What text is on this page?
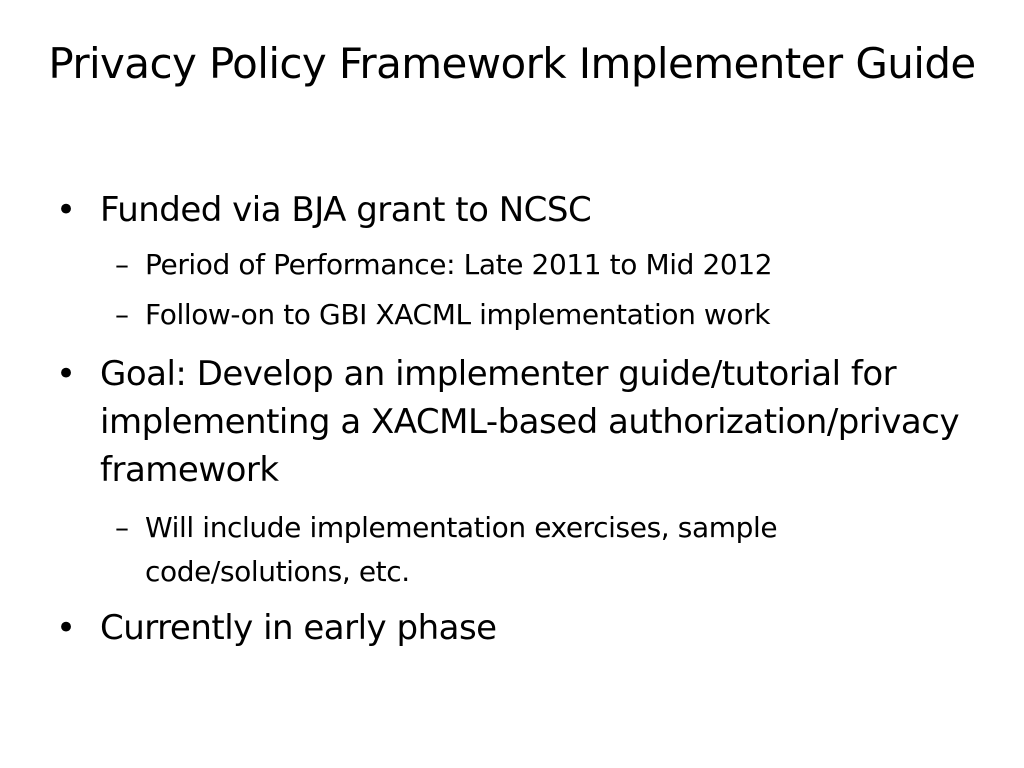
Privacy Policy Framework Implementer Guide
• Funded via BJA grant to NCSC
– Period of Performance: Late 2011 to Mid 2012
– Follow-on to GBI XACML implementation work
• Goal: Develop an implementer guide/tutorial for implementing a XACML-based authorization/privacy framework
– Will include implementation exercises, sample code/solutions, etc.
• Currently in early phase
